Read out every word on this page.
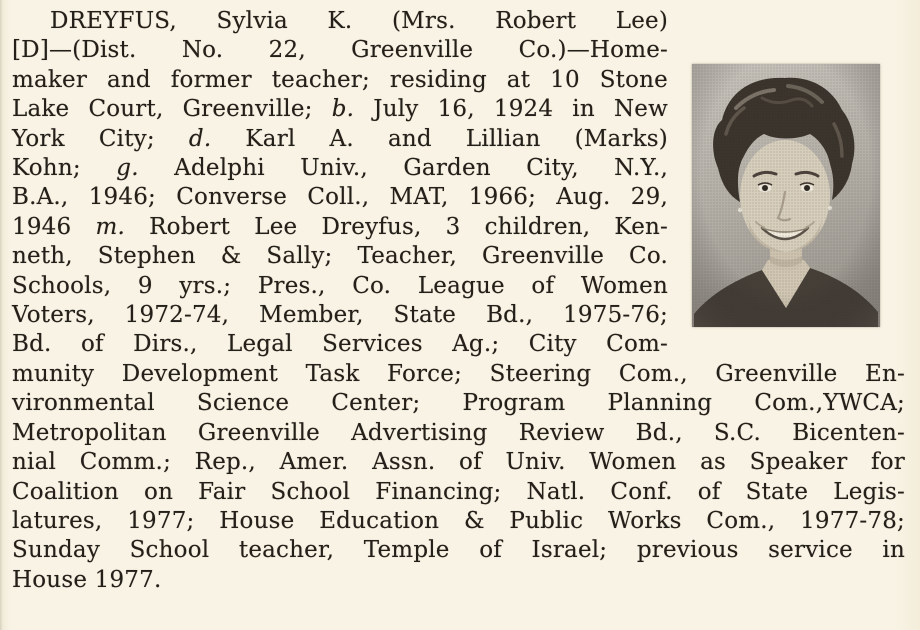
DREYFUS, Sylvia K. (Mrs. Robert Lee)
[D]—(Dist. No. 22, Greenville Co.)—Home-
maker and former teacher; residing at 10 Stone
Lake Court, Greenville; b. July 16, 1924 in New
York City; d. Karl A. and Lillian (Marks)
Kohn; g. Adelphi Univ., Garden City, N.Y.,
B.A., 1946; Converse Coll., MAT, 1966; Aug. 29,
1946 m. Robert Lee Dreyfus, 3 children, Ken-
neth, Stephen & Sally; Teacher, Greenville Co.
Schools, 9 yrs.; Pres., Co. League of Women
Voters, 1972-74, Member, State Bd., 1975-76;
Bd. of Dirs., Legal Services Ag.; City Com-
munity Development Task Force; Steering Com., Greenville En-
vironmental Science Center; Program Planning Com.,YWCA;
Metropolitan Greenville Advertising Review Bd., S.C. Bicenten-
nial Comm.; Rep., Amer. Assn. of Univ. Women as Speaker for
Coalition on Fair School Financing; Natl. Conf. of State Legis-
latures, 1977; House Education & Public Works Com., 1977-78;
Sunday School teacher, Temple of Israel; previous service in
House 1977.
